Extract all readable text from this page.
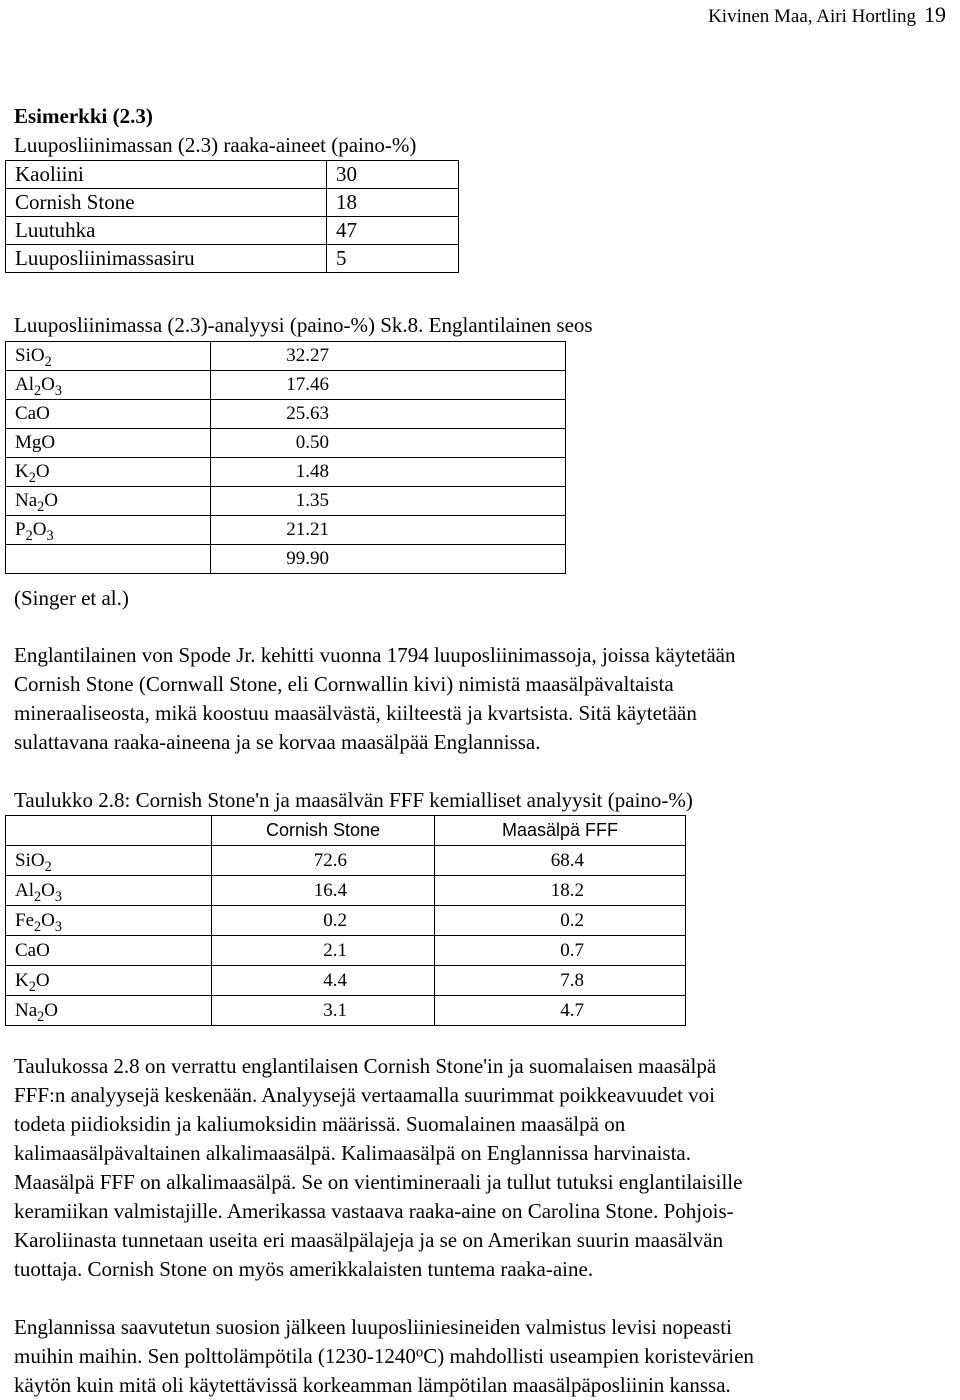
Kivinen Maa, Airi Hortling 19
Esimerkki (2.3)
Luuposliinimassan (2.3) raaka-aineet (paino-%)
Kaoliini	30
Cornish Stone	18
Luutuhka	47
Luuposliinimassasiru	5
Luuposliinimassa (2.3)-analyysi (paino-%) Sk.8. Englantilainen seos
SiO$_2$	32.27
$Al_2O_3$	17.46
CaO	25.63
MgO	0.50
$K_2O$	1.48
$Na_2O$	1.35
$P_2O_3$	21.21
	99.90
(Singer et al.)
Englantilainen von Spode Jr. kehitti vuonna 1794 luuposliinimassoja, joissa käytetään
Cornish Stone (Cornwall Stone, eli Cornwallin kivi) nimistä maasälpävaltaista
mineraaliseosta, mikä koostuu maasälvästä, kiilteestä ja kvartsista. Sitä käytetään
sulattavana raaka-aineena ja se korvaa maasälpää Englannissa.
Taulukko 2.8: Cornish Stone'n ja maasälvän FFF kemialliset analyysit (paino-%)
	Cornish Stone	Maasälpä FFF
SiO$_2$	72.6	68.4
$Al_2O_3$	16.4	18.2
$Fe_2O_3$	0.2	0.2
CaO	2.1	0.7
$K_2O$	4.4	7.8
$Na_2O$	3.1	4.7
Taulukossa 2.8 on verrattu englantilaisen Cornish Stone'in ja suomalaisen maasälpä
FFF:n analyysejä keskenään. Analyysejä vertaamalla suurimmat poikkeavuudet voi
todeta piidioksidin ja kaliumoksidin määrissä. Suomalainen maasälpä on
kalimaasälpävaltainen alkalimaasälpä. Kalimaasälpä on Englannissa harvinaista.
Maasälpä FFF on alkalimaasälpä. Se on vientimineraali ja tullut tutuksi englantilaisille
keramiikan valmistajille. Amerikassa vastaava raaka-aine on Carolina Stone. Pohjois-
Karoliinasta tunnetaan useita eri maasälpälajeja ja se on Amerikan suurin maasälvän
tuottaja. Cornish Stone on myös amerikkalaisten tuntema raaka-aine.
Englannissa saavutetun suosion jälkeen luuposliiniesineiden valmistus levisi nopeasti
muihin maihin. Sen polttolämpötila (1230-1240$^o$C) mahdollisti useampien koristevärien
käytön kuin mitä oli käytettävissä korkeamman lämpötilan maasälpäposliinin kanssa.
